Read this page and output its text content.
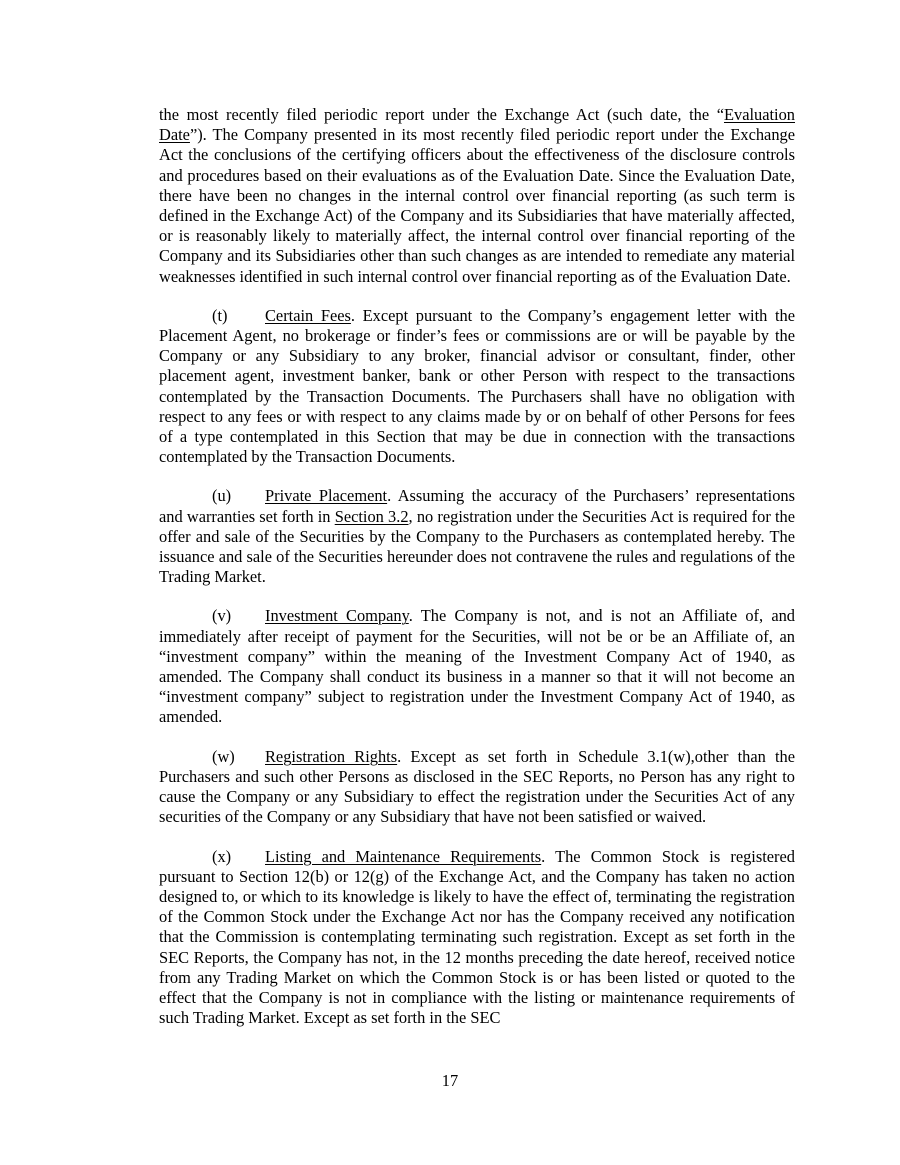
the most recently filed periodic report under the Exchange Act (such date, the “Evaluation Date”). The Company presented in its most recently filed periodic report under the Exchange Act the conclusions of the certifying officers about the effectiveness of the disclosure controls and procedures based on their evaluations as of the Evaluation Date. Since the Evaluation Date, there have been no changes in the internal control over financial reporting (as such term is defined in the Exchange Act) of the Company and its Subsidiaries that have materially affected, or is reasonably likely to materially affect, the internal control over financial reporting of the Company and its Subsidiaries other than such changes as are intended to remediate any material weaknesses identified in such internal control over financial reporting as of the Evaluation Date.

(t) Certain Fees. Except pursuant to the Company’s engagement letter with the Placement Agent, no brokerage or finder’s fees or commissions are or will be payable by the Company or any Subsidiary to any broker, financial advisor or consultant, finder, other placement agent, investment banker, bank or other Person with respect to the transactions contemplated by the Transaction Documents. The Purchasers shall have no obligation with respect to any fees or with respect to any claims made by or on behalf of other Persons for fees of a type contemplated in this Section that may be due in connection with the transactions contemplated by the Transaction Documents.

(u) Private Placement. Assuming the accuracy of the Purchasers’ representations and warranties set forth in Section 3.2, no registration under the Securities Act is required for the offer and sale of the Securities by the Company to the Purchasers as contemplated hereby. The issuance and sale of the Securities hereunder does not contravene the rules and regulations of the Trading Market.

(v) Investment Company. The Company is not, and is not an Affiliate of, and immediately after receipt of payment for the Securities, will not be or be an Affiliate of, an “investment company” within the meaning of the Investment Company Act of 1940, as amended. The Company shall conduct its business in a manner so that it will not become an “investment company” subject to registration under the Investment Company Act of 1940, as amended.

(w) Registration Rights. Except as set forth in Schedule 3.1(w),other than the Purchasers and such other Persons as disclosed in the SEC Reports, no Person has any right to cause the Company or any Subsidiary to effect the registration under the Securities Act of any securities of the Company or any Subsidiary that have not been satisfied or waived.

(x) Listing and Maintenance Requirements. The Common Stock is registered pursuant to Section 12(b) or 12(g) of the Exchange Act, and the Company has taken no action designed to, or which to its knowledge is likely to have the effect of, terminating the registration of the Common Stock under the Exchange Act nor has the Company received any notification that the Commission is contemplating terminating such registration. Except as set forth in the SEC Reports, the Company has not, in the 12 months preceding the date hereof, received notice from any Trading Market on which the Common Stock is or has been listed or quoted to the effect that the Company is not in compliance with the listing or maintenance requirements of such Trading Market. Except as set forth in the SEC

17
